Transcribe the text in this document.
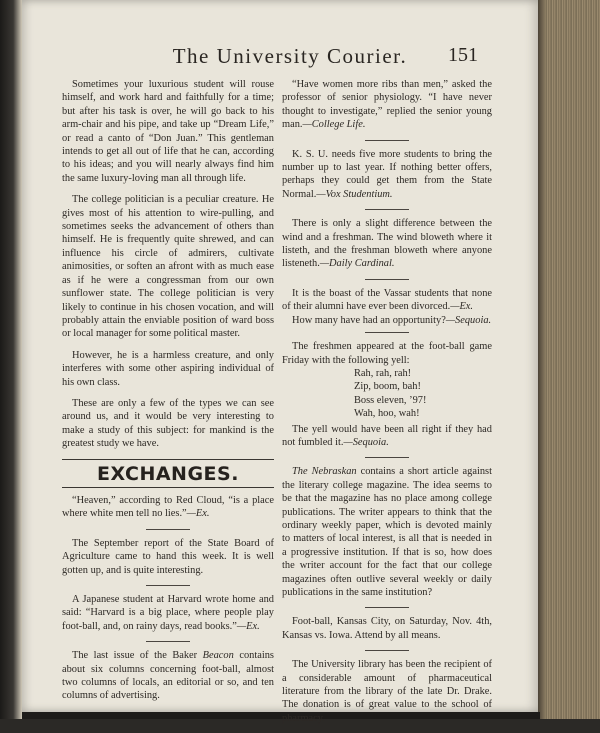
The University Courier.	151

Sometimes your luxurious student will rouse himself, and work hard and faithfully for a time; but after his task is over, he will go back to his arm-chair and his pipe, and take up “Dream Life,” or read a canto of “Don Juan.” This gentleman intends to get all out of life that he can, according to his ideas; and you will nearly always find him the same luxury-loving man all through life.

The college politician is a peculiar creature. He gives most of his attention to wire-pulling, and sometimes seeks the advancement of others than himself. He is frequently quite shrewed, and can influence his circle of admirers, cultivate animosities, or soften an afront with as much ease as if he were a congressman from our own sunflower state. The college politician is very likely to continue in his chosen vocation, and will probably attain the enviable position of ward boss or local manager for some political master.

However, he is a harmless creature, and only interferes with some other aspiring individual of his own class.

These are only a few of the types we can see around us, and it would be very interesting to make a study of this subject: for mankind is the greatest study we have.

EXCHANGES.

“Heaven,” according to Red Cloud, “is a place where white men tell no lies.”—Ex.

The September report of the State Board of Agriculture came to hand this week. It is well gotten up, and is quite interesting.

A Japanese student at Harvard wrote home and said: “Harvard is a big place, where people play foot-ball, and, on rainy days, read books.”—Ex.

The last issue of the Baker Beacon contains about six columns concerning foot-ball, almost two columns of locals, an editorial or so, and ten columns of advertising.

“Have women more ribs than men,” asked the professor of senior physiology. “I have never thought to investigate,” replied the senior young man.—College Life.

K. S. U. needs five more students to bring the number up to last year. If nothing better offers, perhaps they could get them from the State Normal.—Vox Studentium.

There is only a slight difference between the wind and a freshman. The wind bloweth where it listeth, and the freshman bloweth where anyone listeneth.—Daily Cardinal.

It is the boast of the Vassar students that none of their alumni have ever been divorced.—Ex.

How many have had an opportunity?—Sequoia.

The freshmen appeared at the foot-ball game Friday with the following yell:

Rah, rah, rah!
Zip, boom, bah!
Boss eleven, ’97!
Wah, hoo, wah!

The yell would have been all right if they had not fumbled it.—Sequoia.

The Nebraskan contains a short article against the literary college magazine. The idea seems to be that the magazine has no place among college publications. The writer appears to think that the ordinary weekly paper, which is devoted mainly to matters of local interest, is all that is needed in a progressive institution. If that is so, how does the writer account for the fact that our college magazines often outlive several weekly or daily publications in the same institution?

Foot-ball, Kansas City, on Saturday, Nov. 4th, Kansas vs. Iowa. Attend by all means.

The University library has been the recipient of a considerable amount of pharmaceutical literature from the library of the late Dr. Drake. The donation is of great value to the school of pharmacy.
